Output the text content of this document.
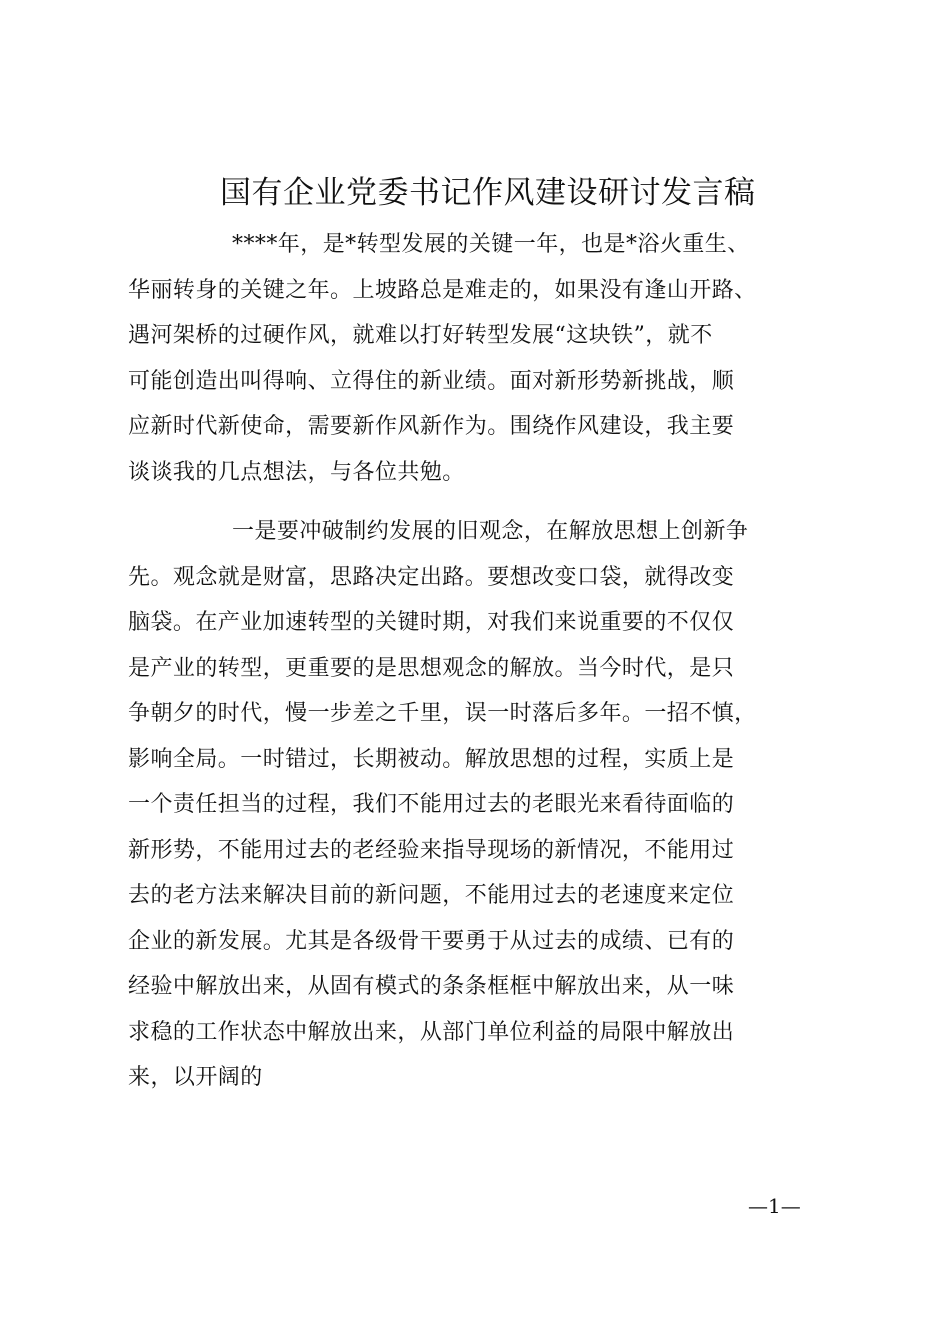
国有企业党委书记作风建设研讨发言稿
****年，是*转型发展的关键一年，也是*浴火重生、
华丽转身的关键之年。上坡路总是难走的，如果没有逢山开路、
遇河架桥的过硬作风，就难以打好转型发展“这块铁”，就不
可能创造出叫得响、立得住的新业绩。面对新形势新挑战，顺
应新时代新使命，需要新作风新作为。围绕作风建设，我主要
谈谈我的几点想法，与各位共勉。
一是要冲破制约发展的旧观念，在解放思想上创新争
先。观念就是财富，思路决定出路。要想改变口袋，就得改变
脑袋。在产业加速转型的关键时期，对我们来说重要的不仅仅
是产业的转型，更重要的是思想观念的解放。当今时代，是只
争朝夕的时代，慢一步差之千里，误一时落后多年。一招不慎，
影响全局。一时错过，长期被动。解放思想的过程，实质上是
一个责任担当的过程，我们不能用过去的老眼光来看待面临的
新形势，不能用过去的老经验来指导现场的新情况，不能用过
去的老方法来解决目前的新问题，不能用过去的老速度来定位
企业的新发展。尤其是各级骨干要勇于从过去的成绩、已有的
经验中解放出来，从固有模式的条条框框中解放出来，从一味
求稳的工作状态中解放出来，从部门单位利益的局限中解放出
来，以开阔的
—1—
